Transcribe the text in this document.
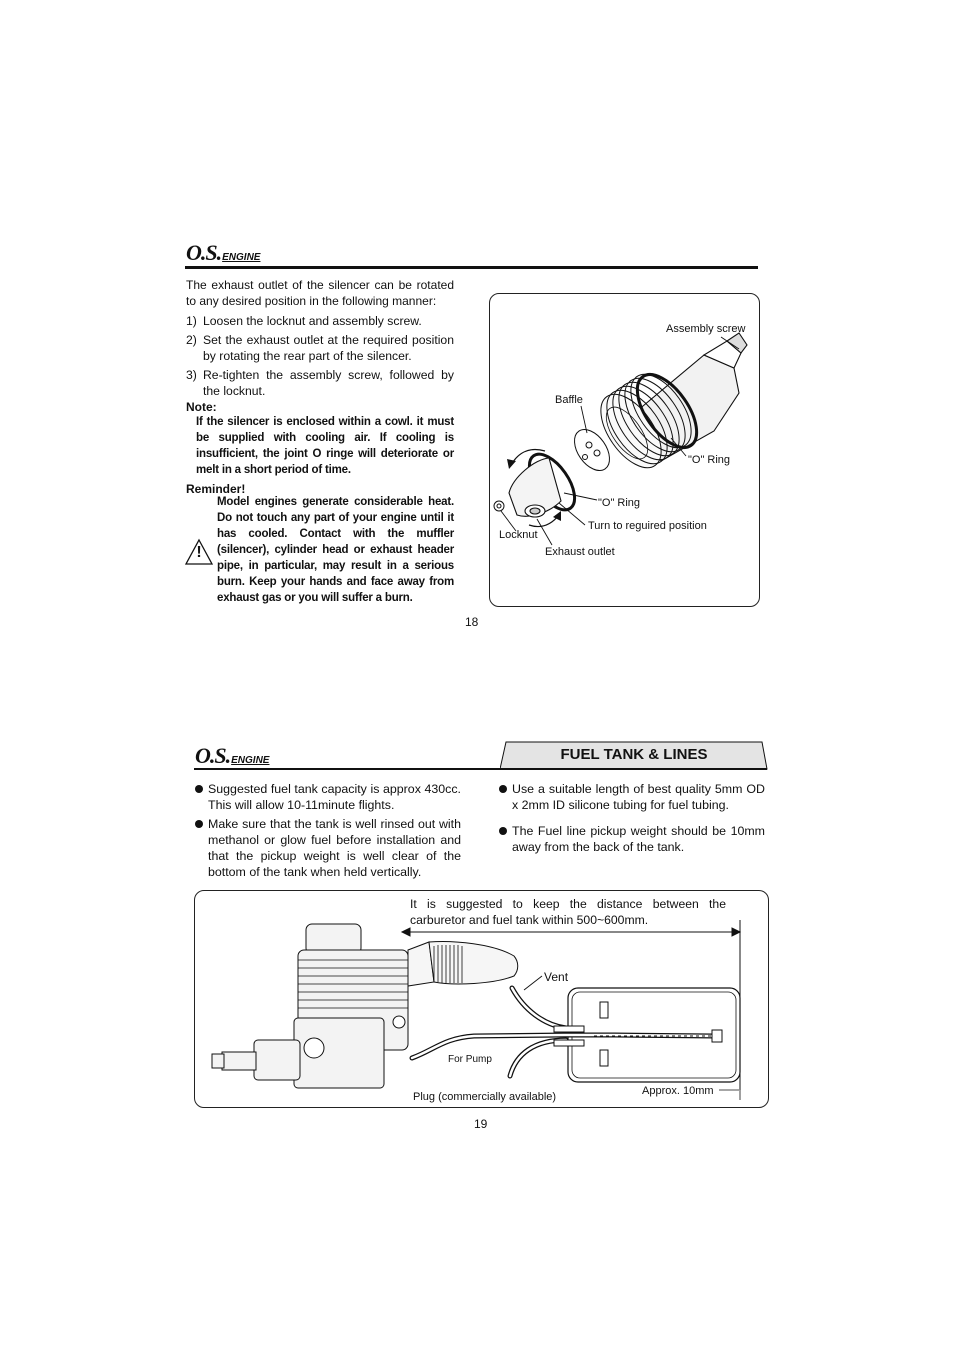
O.S.ENGINE
The exhaust outlet of the silencer can be rotated to any desired position in the following manner:
1) Loosen the locknut and assembly screw.
2) Set the exhaust outlet at the required position by rotating the rear part of the silencer.
3) Re-tighten the assembly screw, followed by the locknut.
Note:
If the silencer is enclosed within a cowl. it must be supplied with cooling air. If cooling is insufficient, the joint O ringe will deteriorate or melt in a short period of time.
Reminder!
Model engines generate considerable heat. Do not touch any part of your engine until it has cooled. Contact with the muffler (silencer), cylinder head or exhaust header pipe, in particular, may result in a serious burn. Keep your hands and face away from exhaust gas or you will suffer a burn.
!
Assembly screw
Baffle
"O" Ring
"O" Ring
Turn to reguired position
Locknut
Exhaust outlet
18
O.S.ENGINE	FUEL TANK & LINES
Suggested fuel tank capacity is approx 430cc. This will allow 10-11minute flights.
Make sure that the tank is well rinsed out with methanol or glow fuel before installation and that the pickup weight is well clear of the bottom of the tank when held vertically.
Use a suitable length of best quality 5mm OD x 2mm ID silicone tubing for fuel tubing.
The Fuel line pickup weight should be 10mm away from the back of the tank.
It is suggested to keep the distance between the carburetor and fuel tank within 500~600mm.
Vent
For Pump
Plug (commercially available)	Approx. 10mm
19
